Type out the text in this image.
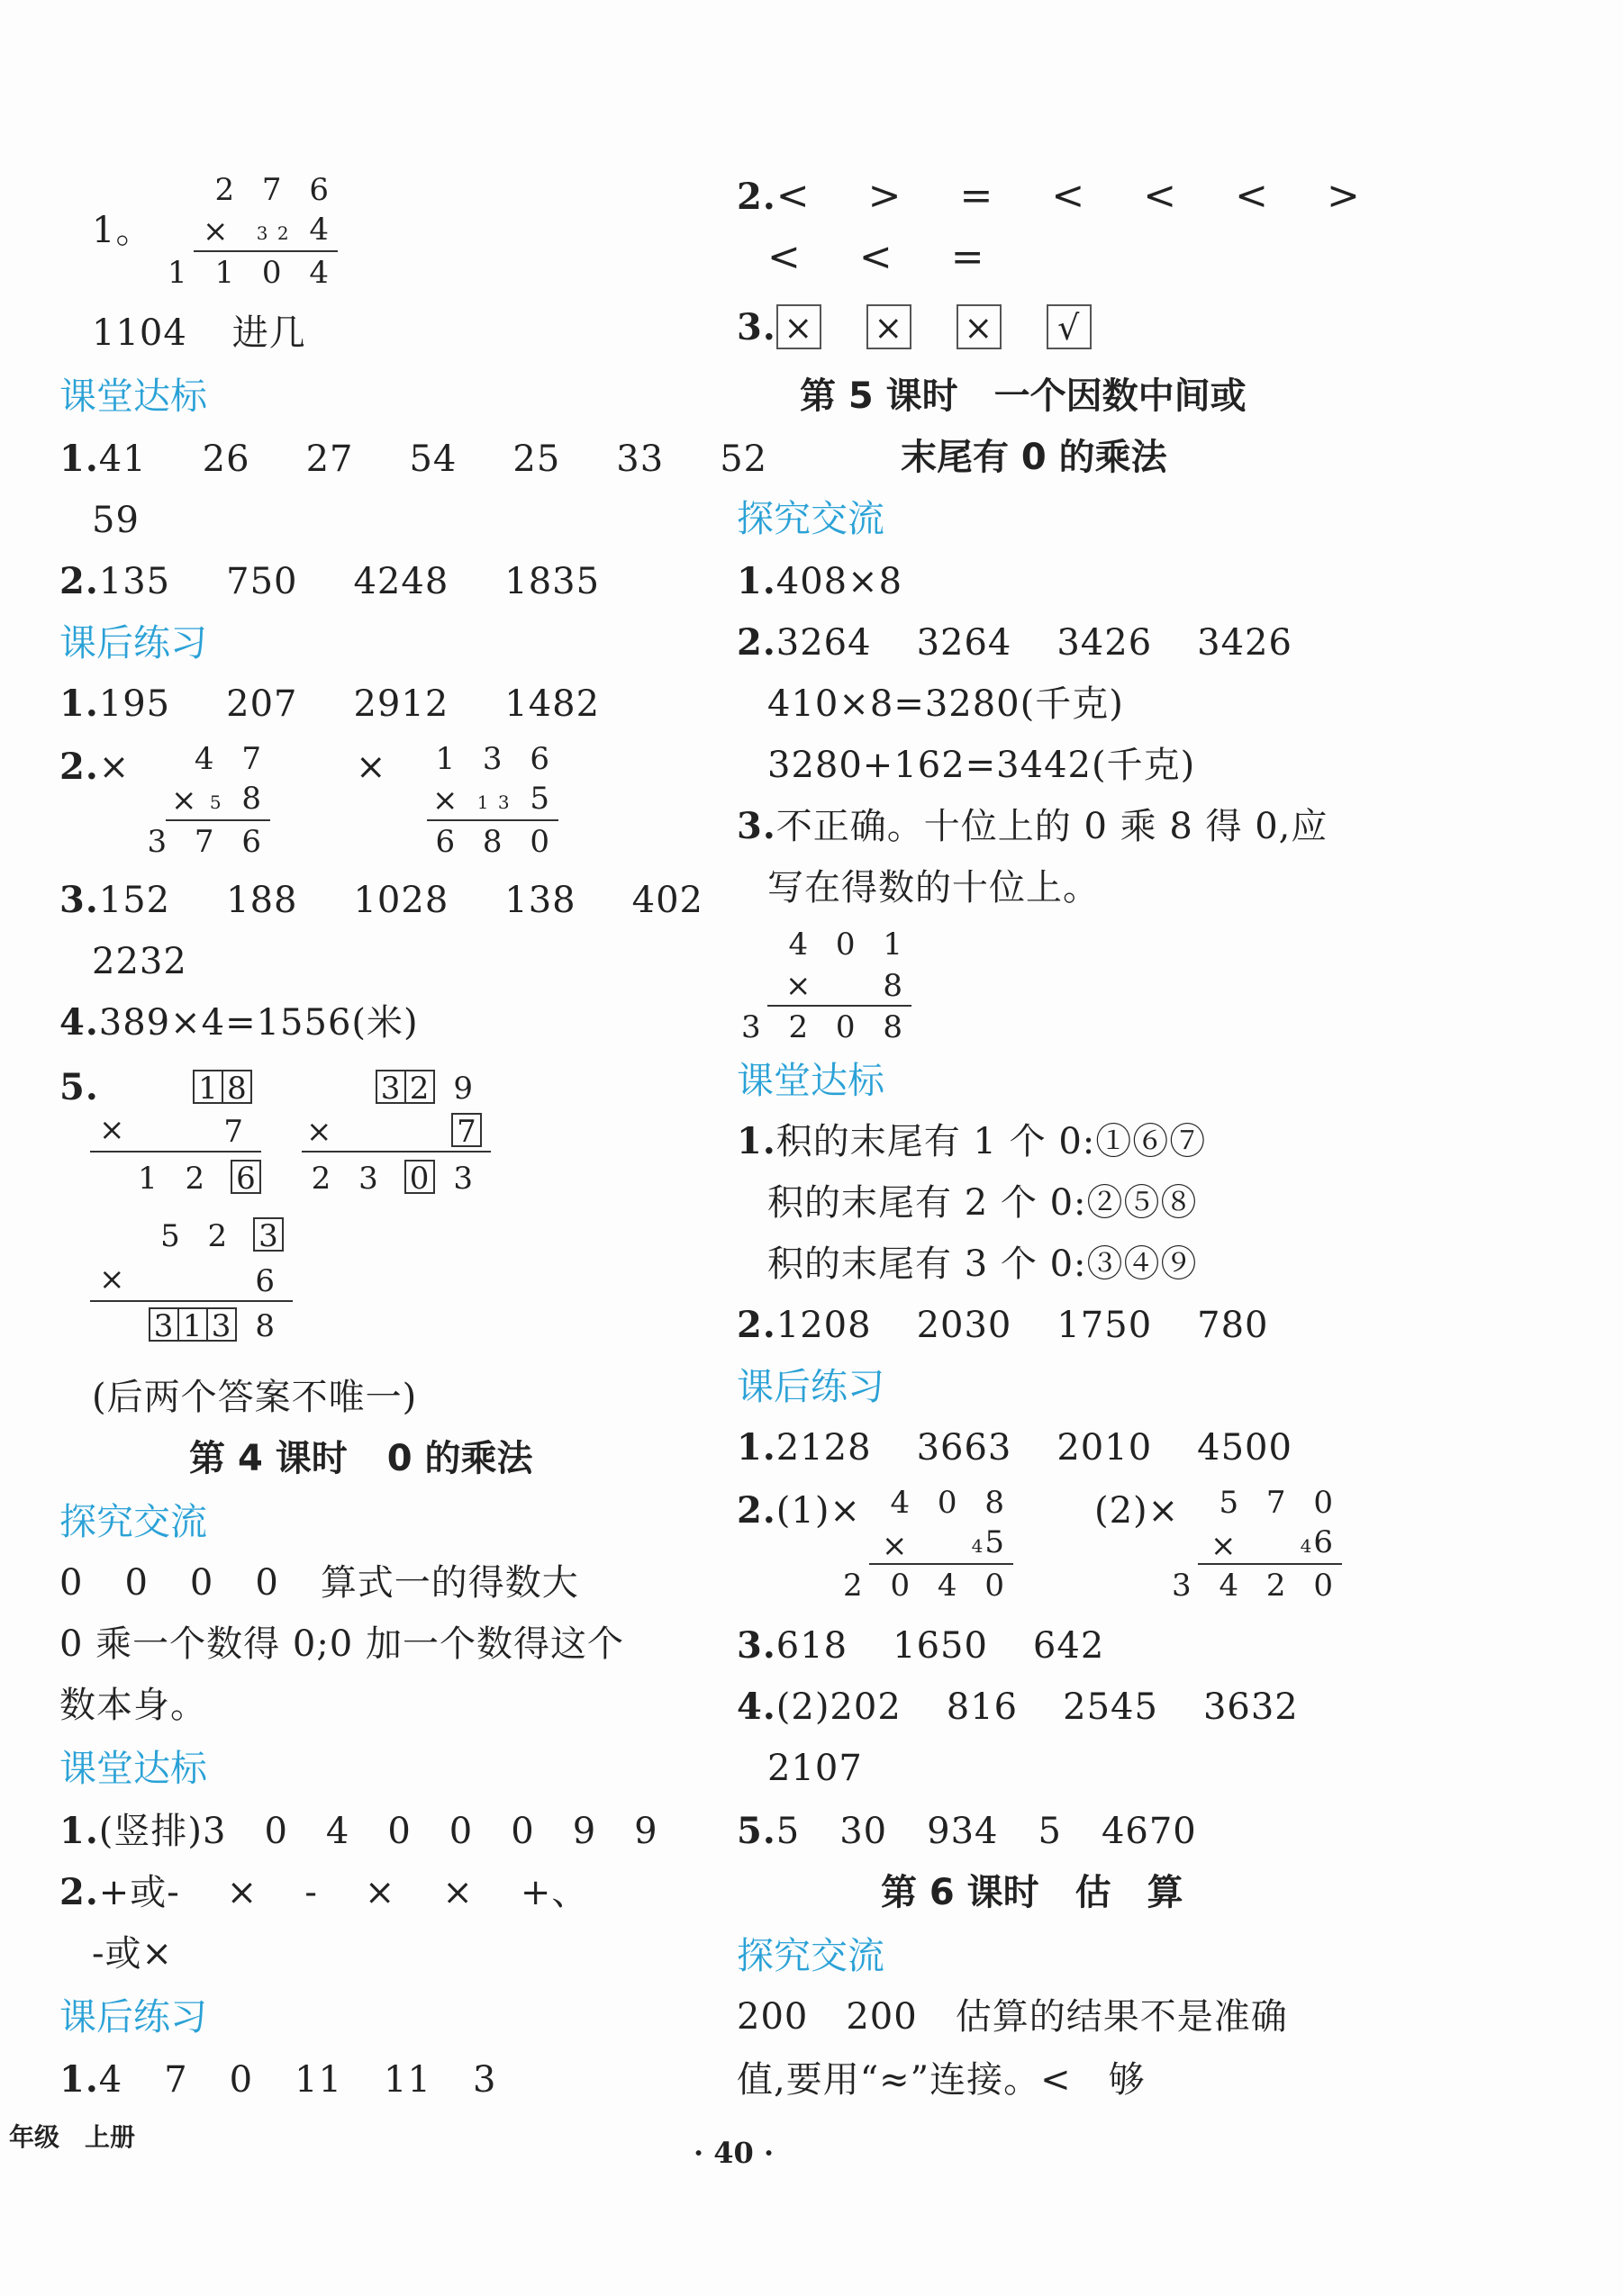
1。
2 7 6
× 3 2 4
1 1 0 4
1104 进几
课堂达标
1.41 26 27 54 25 33 52
59
2.135 750 4248 1835
课后练习
1.195 207 2912 1482
2.× 4 7
× 5 8
3 7 6
× 1 3 6
× 1 3 5
6 8 0
3.152 188 1028 138 402
2232
4.389×4=1556(米)
5.	1 8
×	7
1 2 6
3 2 9
×	7
2 3 0 3
5 2 3
×	6
3 1 3 8
(后两个答案不唯一)
第 4 课时 0 的乘法
探究交流
0 0 0 0 算式一的得数大
0 乘一个数得 0;0 加一个数得这个
数本身。
课堂达标
1.(竖排)3 0 4 0 0 0 9 9
2.+或- × - × × +、
-或×
课后练习
1.4 7 0 11 11 3
2.< > = < < < >
< < =
3. × × × √
第 5 课时　一个因数中间或
末尾有 0 的乘法
探究交流
1.408×8
2.3264 3264 3426 3426
410×8=3280(千克)
3280+162=3442(千克)
3.不正确。十位上的 0 乘 8 得 0,应
写在得数的十位上。
4 0 1
× 8
3 2 0 8
课堂达标
1.积的末尾有 1 个 0:①⑥⑦
积的末尾有 2 个 0:②⑤⑧
积的末尾有 3 个 0:③④⑨
2.1208 2030 1750 780
课后练习
1.2128 3663 2010 4500
2.(1)× 4 0 8
×	45
2 0 4 0
(2)× 5 7 0
×	46
3 4 2 0
3.618 1650 642
4.(2)202 816 2545 3632
2107
5.5 30 934 5 4670
第 6 课时　估　算
探究交流
200 200 估算的结果不是准确
值,要用“≈”连接。<　够
年级　上册	· 40 ·
